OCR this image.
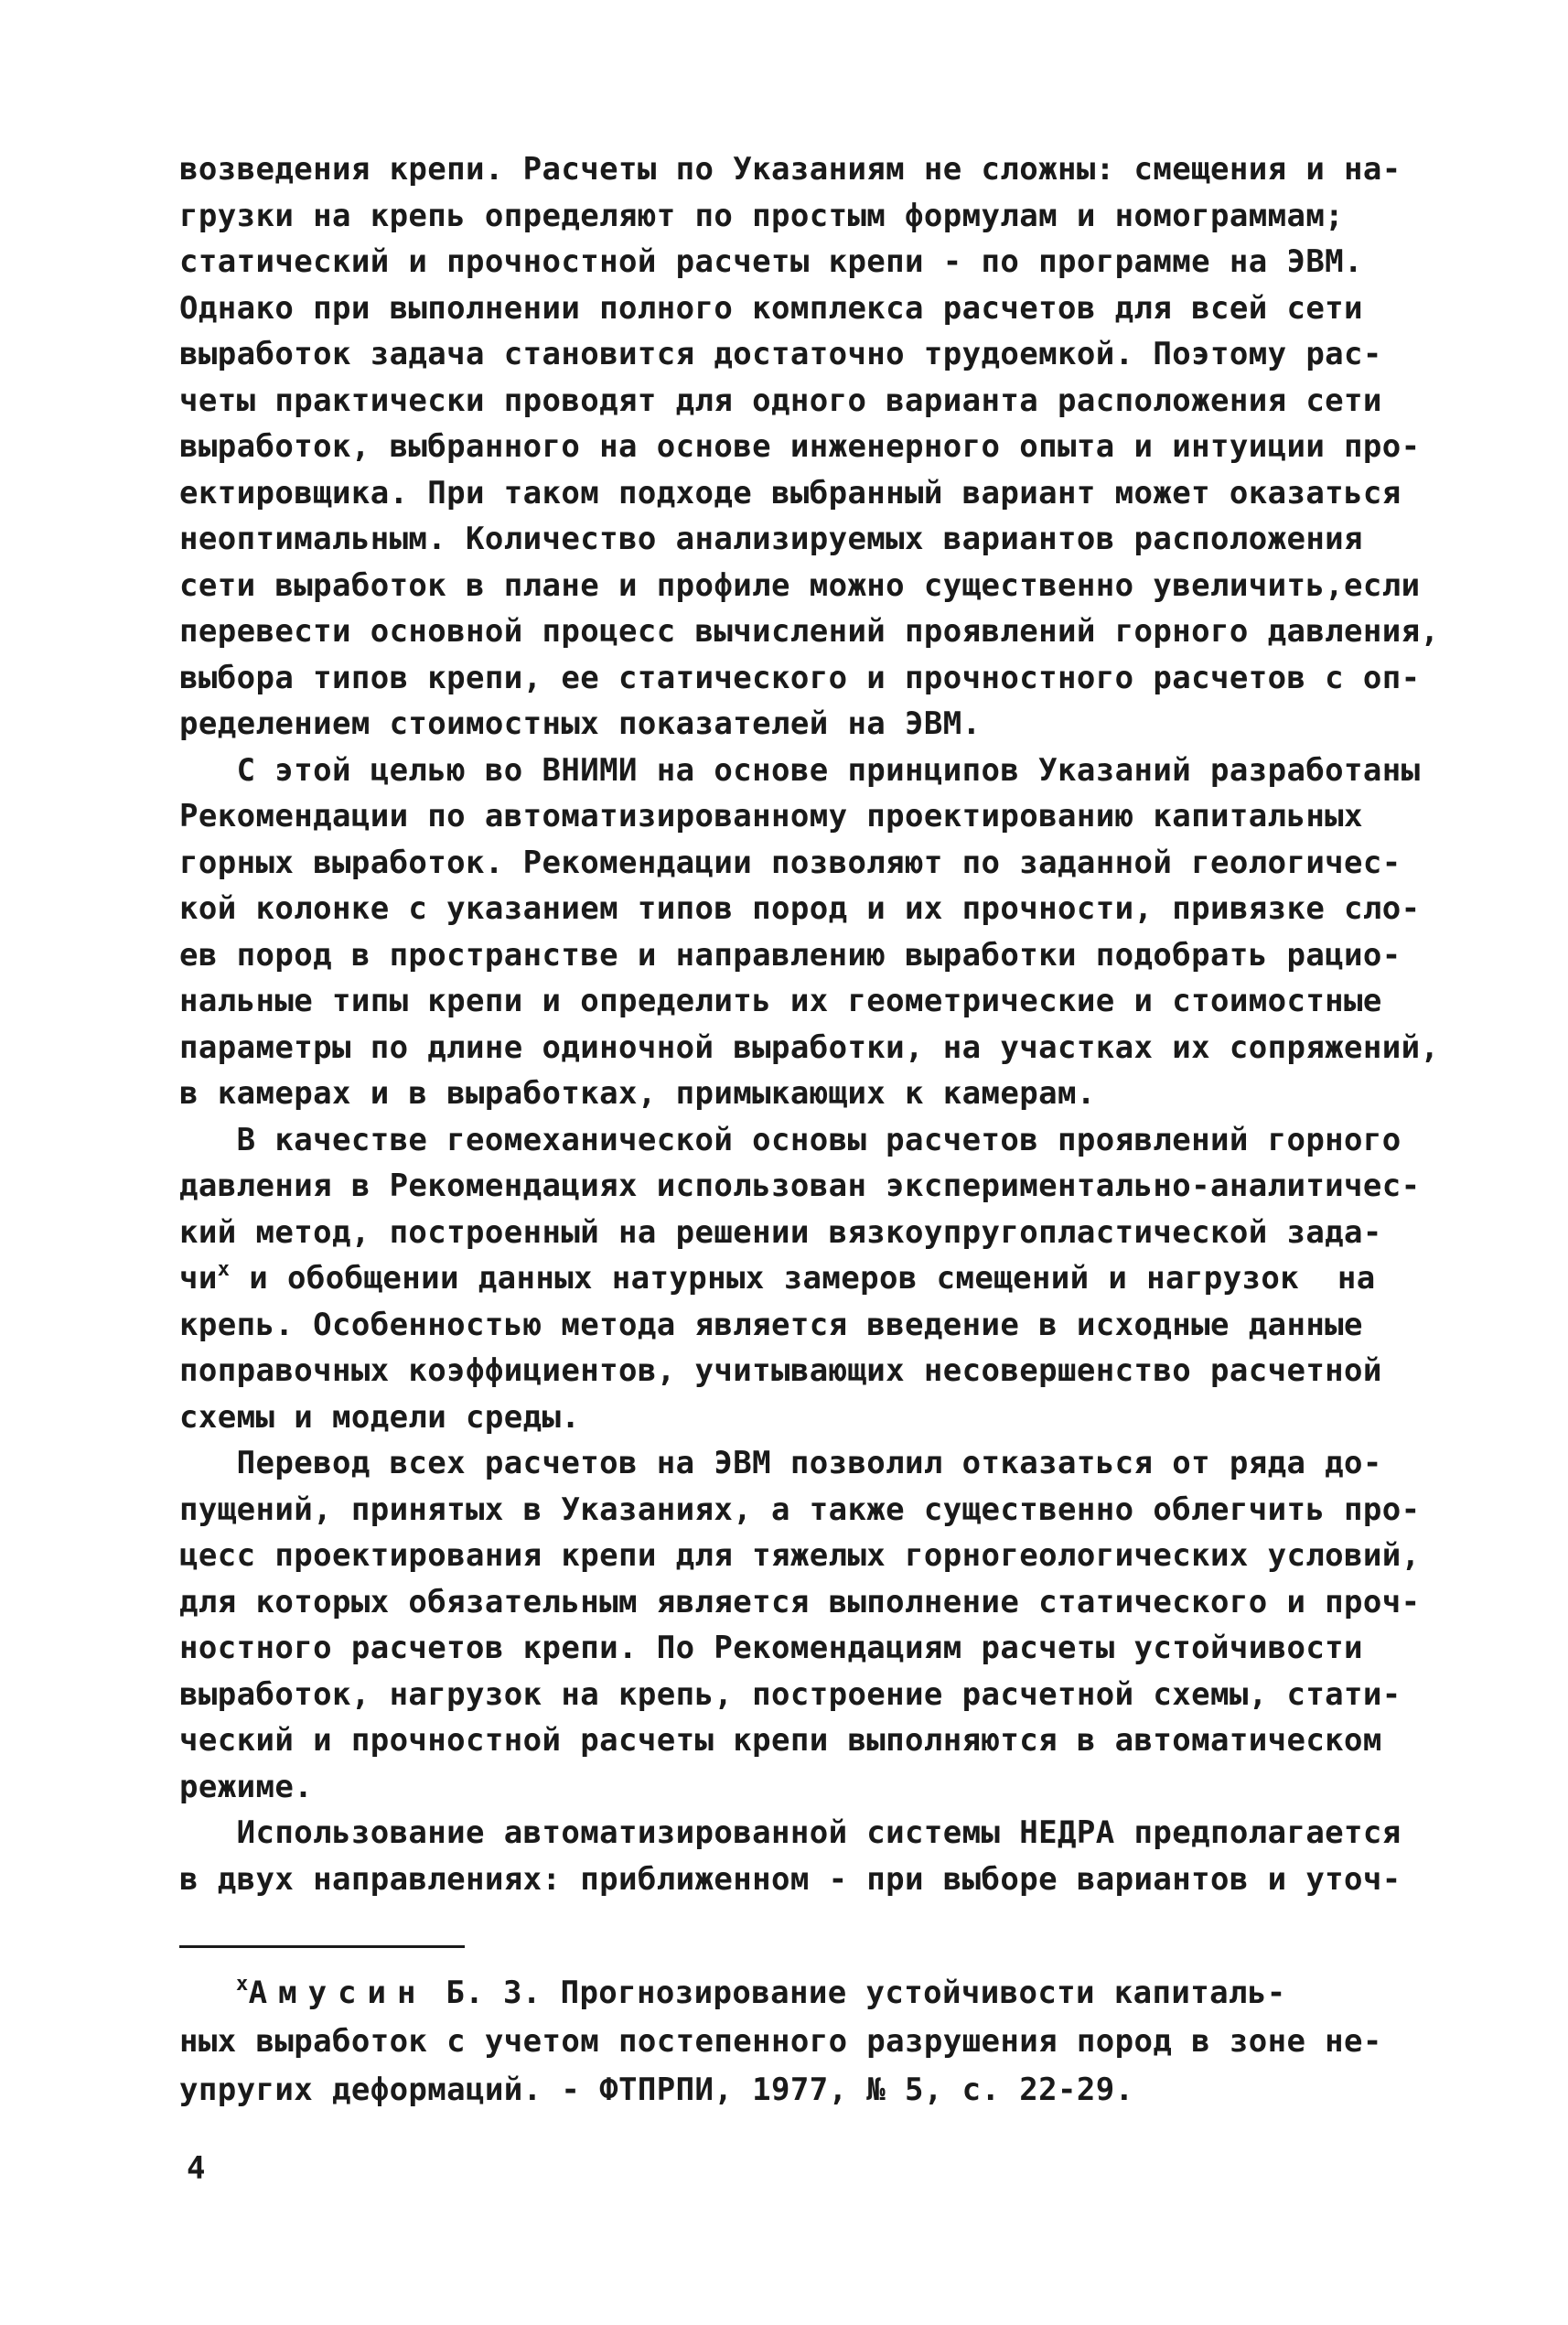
возведения крепи. Расчеты по Указаниям не сложны: смещения и на-
грузки на крепь определяют по простым формулам и номограммам;
статический и прочностной расчеты крепи - по программе на ЭВМ.
Однако при выполнении полного комплекса расчетов для всей сети
выработок задача становится достаточно трудоемкой. Поэтому рас-
четы практически проводят для одного варианта расположения сети
выработок, выбранного на основе инженерного опыта и интуиции про-
ектировщика. При таком подходе выбранный вариант может оказаться
неоптимальным. Количество анализируемых вариантов расположения
сети выработок в плане и профиле можно существенно увеличить,если
перевести основной процесс вычислений проявлений горного давления,
выбора типов крепи, ее статического и прочностного расчетов с оп-
ределением стоимостных показателей на ЭВМ.
С этой целью во ВНИМИ на основе принципов Указаний разработаны
Рекомендации по автоматизированному проектированию капитальных
горных выработок. Рекомендации позволяют по заданной геологичес-
кой колонке с указанием типов пород и их прочности, привязке сло-
ев пород в пространстве и направлению выработки подобрать рацио-
нальные типы крепи и определить их геометрические и стоимостные
параметры по длине одиночной выработки, на участках их сопряжений,
в камерах и в выработках, примыкающих к камерам.
В качестве геомеханической основы расчетов проявлений горного
давления в Рекомендациях использован экспериментально-аналитичес-
кий метод, построенный на решении вязкоупругопластической зада-
$чи^х$ и обобщении данных натурных замеров смещений и нагрузок  на
крепь. Особенностью метода является введение в исходные данные
поправочных коэффициентов, учитывающих несовершенство расчетной
схемы и модели среды.
Перевод всех расчетов на ЭВМ позволил отказаться от ряда до-
пущений, принятых в Указаниях, а также существенно облегчить про-
цесс проектирования крепи для тяжелых горногеологических условий,
для которых обязательным является выполнение статического и проч-
ностного расчетов крепи. По Рекомендациям расчеты устойчивости
выработок, нагрузок на крепь, построение расчетной схемы, стати-
ческий и прочностной расчеты крепи выполняются в автоматическом
режиме.
Использование автоматизированной системы НЕДРА предполагается
в двух направлениях: приближенном - при выборе вариантов и уточ-
$^х$Амусин Б. З. Прогнозирование устойчивости капиталь-
ных выработок с учетом постепенного разрушения пород в зоне не-
упругих деформаций. - ФТПРПИ, 1977, № 5, с. 22-29.
4
